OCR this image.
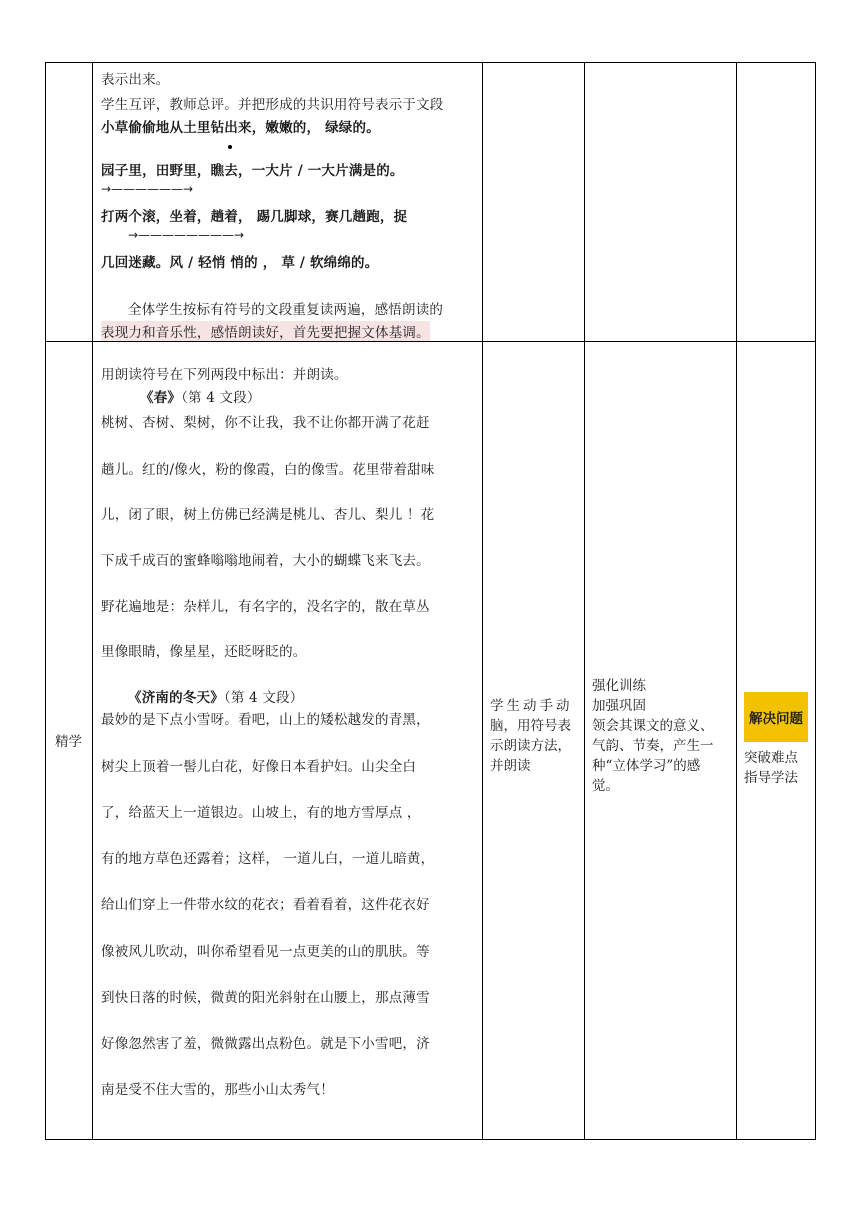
表示出来。
学生互评，教师总评。并把形成的共识用符号表示于文段
小草偷偷地从土里钻出来，嫩嫩的， 绿绿的。
园子里，田野里，瞧去，一大片 / 一大片满是的。
→——————→
打两个滚，坐着，趟着， 踢几脚球，赛几趟跑，捉
→————————→
几回迷藏。风 / 轻悄 悄的 ， 草 / 软绵绵的。
全体学生按标有符号的文段重复读两遍，感悟朗读的
表现力和音乐性，感悟朗读好，首先要把握文体基调。
精学
用朗读符号在下列两段中标出：并朗读。
《春》（第 4 文段）
桃树、杏树、梨树，你不让我，我不让你都开满了花赶
趟儿。红的/像火，粉的像霞，白的像雪。花里带着甜味
儿，闭了眼，树上仿佛已经满是桃儿、杏儿、梨儿 ！花
下成千成百的蜜蜂嗡嗡地闹着，大小的蝴蝶飞来飞去。
野花遍地是：杂样儿，有名字的，没名字的，散在草丛
里像眼睛，像星星，还眨呀眨的。
《济南的冬天》（第 4 文段）
最妙的是下点小雪呀。看吧，山上的矮松越发的青黑，
树尖上顶着一髻儿白花，好像日本看护妇。山尖全白
了，给蓝天上一道银边。山坡上，有的地方雪厚点 ，
有的地方草色还露着；这样， 一道儿白，一道儿暗黄，
给山们穿上一件带水纹的花衣；看着看着，这件花衣好
像被风儿吹动，叫你希望看见一点更美的山的肌肤。等
到快日落的时候，微黄的阳光斜射在山腰上，那点薄雪
好像忽然害了羞，微微露出点粉色。就是下小雪吧，济
南是受不住大雪的，那些小山太秀气！
学生动手动
脑，用符号表
示朗读方法，
并朗读
强化训练
加强巩固
领会其课文的意义、
气韵、节奏，产生一
种“立体学习”的感
觉。
解决问题
突破难点
指导学法
